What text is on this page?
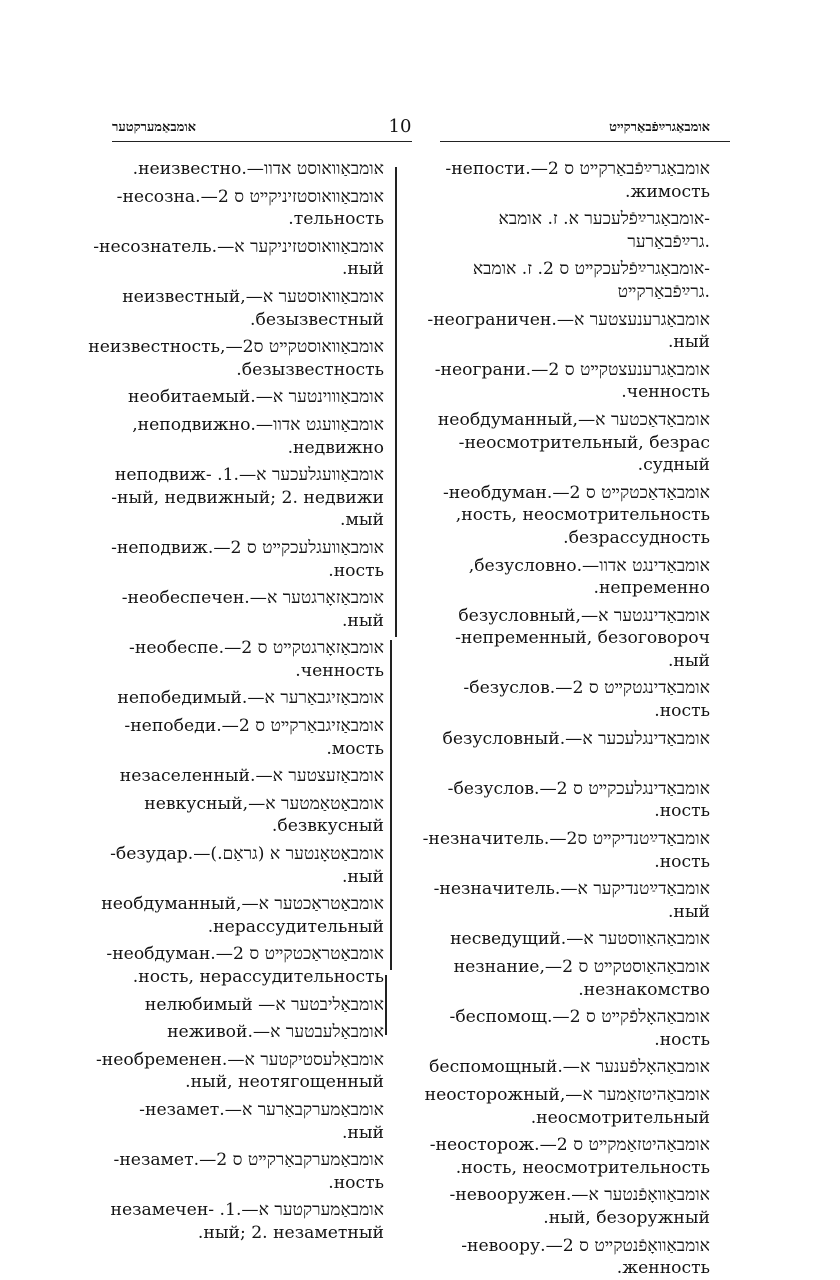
אומבאַמערקטער	10	אומבאַגרײַפֿבאַרקײט
אומבאַוואוסט אדוו—.неизвестно.
אומבאַוואוסטזיניקײט ס 2—.несозна-
тельность.
אומבאַוואוסטזיניקער א—.несознатель-
ный.
אומבאַוואוסטער א—,неизвестный
безызвестный.
אומבאַוואוסטקײט ס2—,неизвестность
безызвестность.
אומבאַוווינטער א—.необитаемый
אומבאַוועגט אדוו—.неподвижно,
недвижно.
אומבאַוועגלעכער א—.неподвиж- .1
ный, недвижный; 2. недвижи-
мый.
אומבאַוועגלעכקײט ס 2—.неподвиж-
ность.
אומבאַזאָרגטער א—.необеспечен-
ный.
אומבאַזאָרגטקײט ס 2—.необеспе-
ченность.
אומבאַזיגבאַרער א—.непобедимый
אומבאַזיגבאַרקײט ס 2—.непобеди-
мость.
אומבאַזעצטער א—.незаселенный
אומבאַטאַמטער א—,невкусный
безвкусный.
אומבאַטאָנטער א (גראַם.)—.безудар-
ный.
אומבאַטראַכטער א—,необдуманный
нерассудительный.
אומבאַטראַכטקײט ס 2—.необдуман-
ность, нерассудительность.
אומבאַליבטער א— нелюбимый
אומבאַלעבטער א—.неживой
אומבאַלעסטיקטער א—.необременен-
ный, неотягощенный.
אומבאַמערקבאַרער א—.незамет-
ный.
אומבאַמערקבאַרקײט ס 2—.незамет-
ность.
אומבאַמערקטער א—.незамечен- .1
ный; 2. незаметный.
אומבאַגרײַפֿבאַרקײט ס 2—.непости-
жимость.
-אומבאַגרײַפֿלעכער א. ז. אומבא
.גרײַפֿבאַרער
-אומבאַגרײַפֿלעכקײט ס 2. ז. אומבא
.גרײַפֿבאַרקײט
אומבאַגרענעצטער א—.неограничен-
ный.
אומבאַגרענעצטקײט ס 2—.неограни-
ченность.
אומבאַדאַכטער א—,необдуманный
неосмотрительный, безрас-
судный.
אומבאַדאַכטקײט ס 2—.необдуман-
ность, неосмотрительность,
безрассудность.
אומבאַדינגט אדוו—.безусловно,
непременно.
אומבאַדינגטער א—,безусловный
непременный, безоговороч-
ный.
אומבאַדינגטקײט ס 2—.безуслов-
ность.
אומבאַדינגלעכער א—.безусловный

אומבאַדינגלעכקײט ס 2—.безуслов-
ность.
אומבאַדײַטנדיקײט ס2—.незначитель-
ность.
אומבאַדײַטנדיקער א—.незначитель-
ный.
אומבאַהאַווסטער א—.несведущий
אומבאַהאַוסטקײט ס 2—,незнание
незнакомство.
אומבאַהאָלפֿקײט ס 2—.беспомощ-
ность.
אומבאַהאָלפֿענער א—.беспомощный
אומבאַהיטזאַמער א—,неосторожный
неосмотрительный.
אומבאַהיטזאַמקײט ס 2—.неосторож-
ность, неосмотрительность.
אומבאַוואָפֿנטער א—.невооружен-
ный, безоружный.
אומבאַוואָפֿנטקײט ס 2—.невоору-
женность.
